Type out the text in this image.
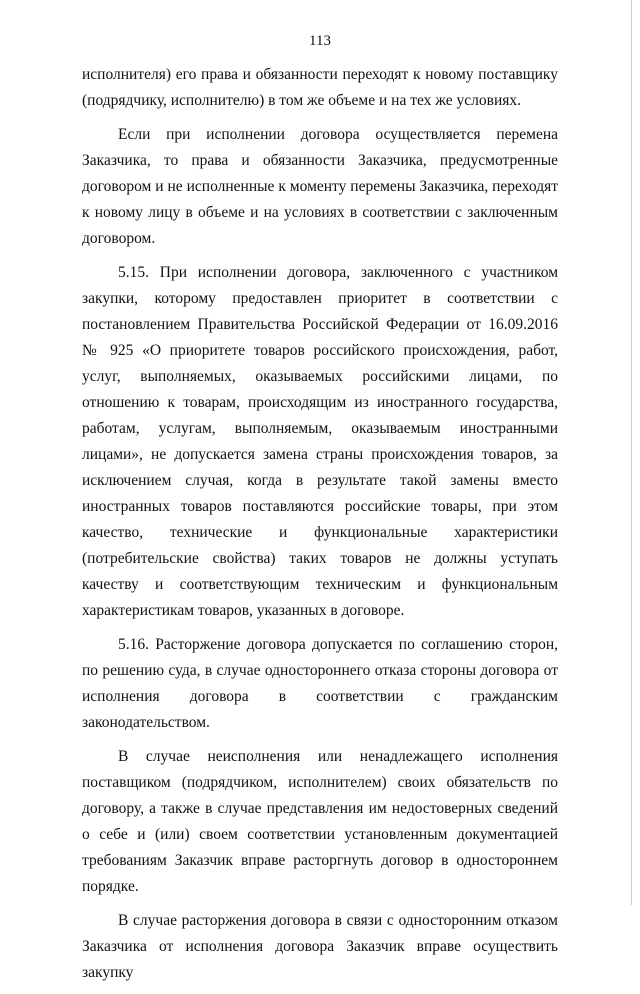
113

исполнителя) его права и обязанности переходят к новому поставщику (подрядчику, исполнителю) в том же объеме и на тех же условиях.

Если при исполнении договора осуществляется перемена Заказчика, то права и обязанности Заказчика, предусмотренные договором и не исполненные к моменту перемены Заказчика, переходят к новому лицу в объеме и на условиях в соответствии с заключенным договором.

5.15. При исполнении договора, заключенного с участником закупки, которому предоставлен приоритет в соответствии с постановлением Правительства Российской Федерации от 16.09.2016 № 925 «О приоритете товаров российского происхождения, работ, услуг, выполняемых, оказываемых российскими лицами, по отношению к товарам, происходящим из иностранного государства, работам, услугам, выполняемым, оказываемым иностранными лицами», не допускается замена страны происхождения товаров, за исключением случая, когда в результате такой замены вместо иностранных товаров поставляются российские товары, при этом качество, технические и функциональные характеристики (потребительские свойства) таких товаров не должны уступать качеству и соответствующим техническим и функциональным характеристикам товаров, указанных в договоре.

5.16. Расторжение договора допускается по соглашению сторон, по решению суда, в случае одностороннего отказа стороны договора от исполнения договора в соответствии с гражданским законодательством.

В случае неисполнения или ненадлежащего исполнения поставщиком (подрядчиком, исполнителем) своих обязательств по договору, а также в случае представления им недостоверных сведений о себе и (или) своем соответствии установленным документацией требованиям Заказчик вправе расторгнуть договор в одностороннем порядке.

В случае расторжения договора в связи с односторонним отказом Заказчика от исполнения договора Заказчик вправе осуществить закупку
